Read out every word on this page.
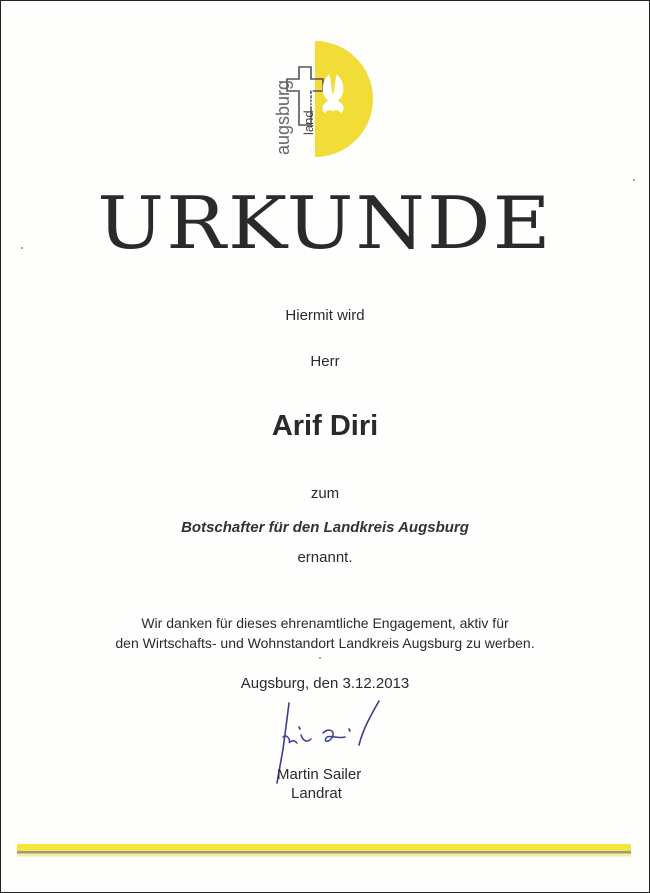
augsburg land
kreis
URKUNDE
Hiermit wird
Herr
Arif Diri
zum
Botschafter für den Landkreis Augsburg
ernannt.
Wir danken für dieses ehrenamtliche Engagement, aktiv für
den Wirtschafts- und Wohnstandort Landkreis Augsburg zu werben.
Augsburg, den 3.12.2013
Martin Sailer
Landrat
